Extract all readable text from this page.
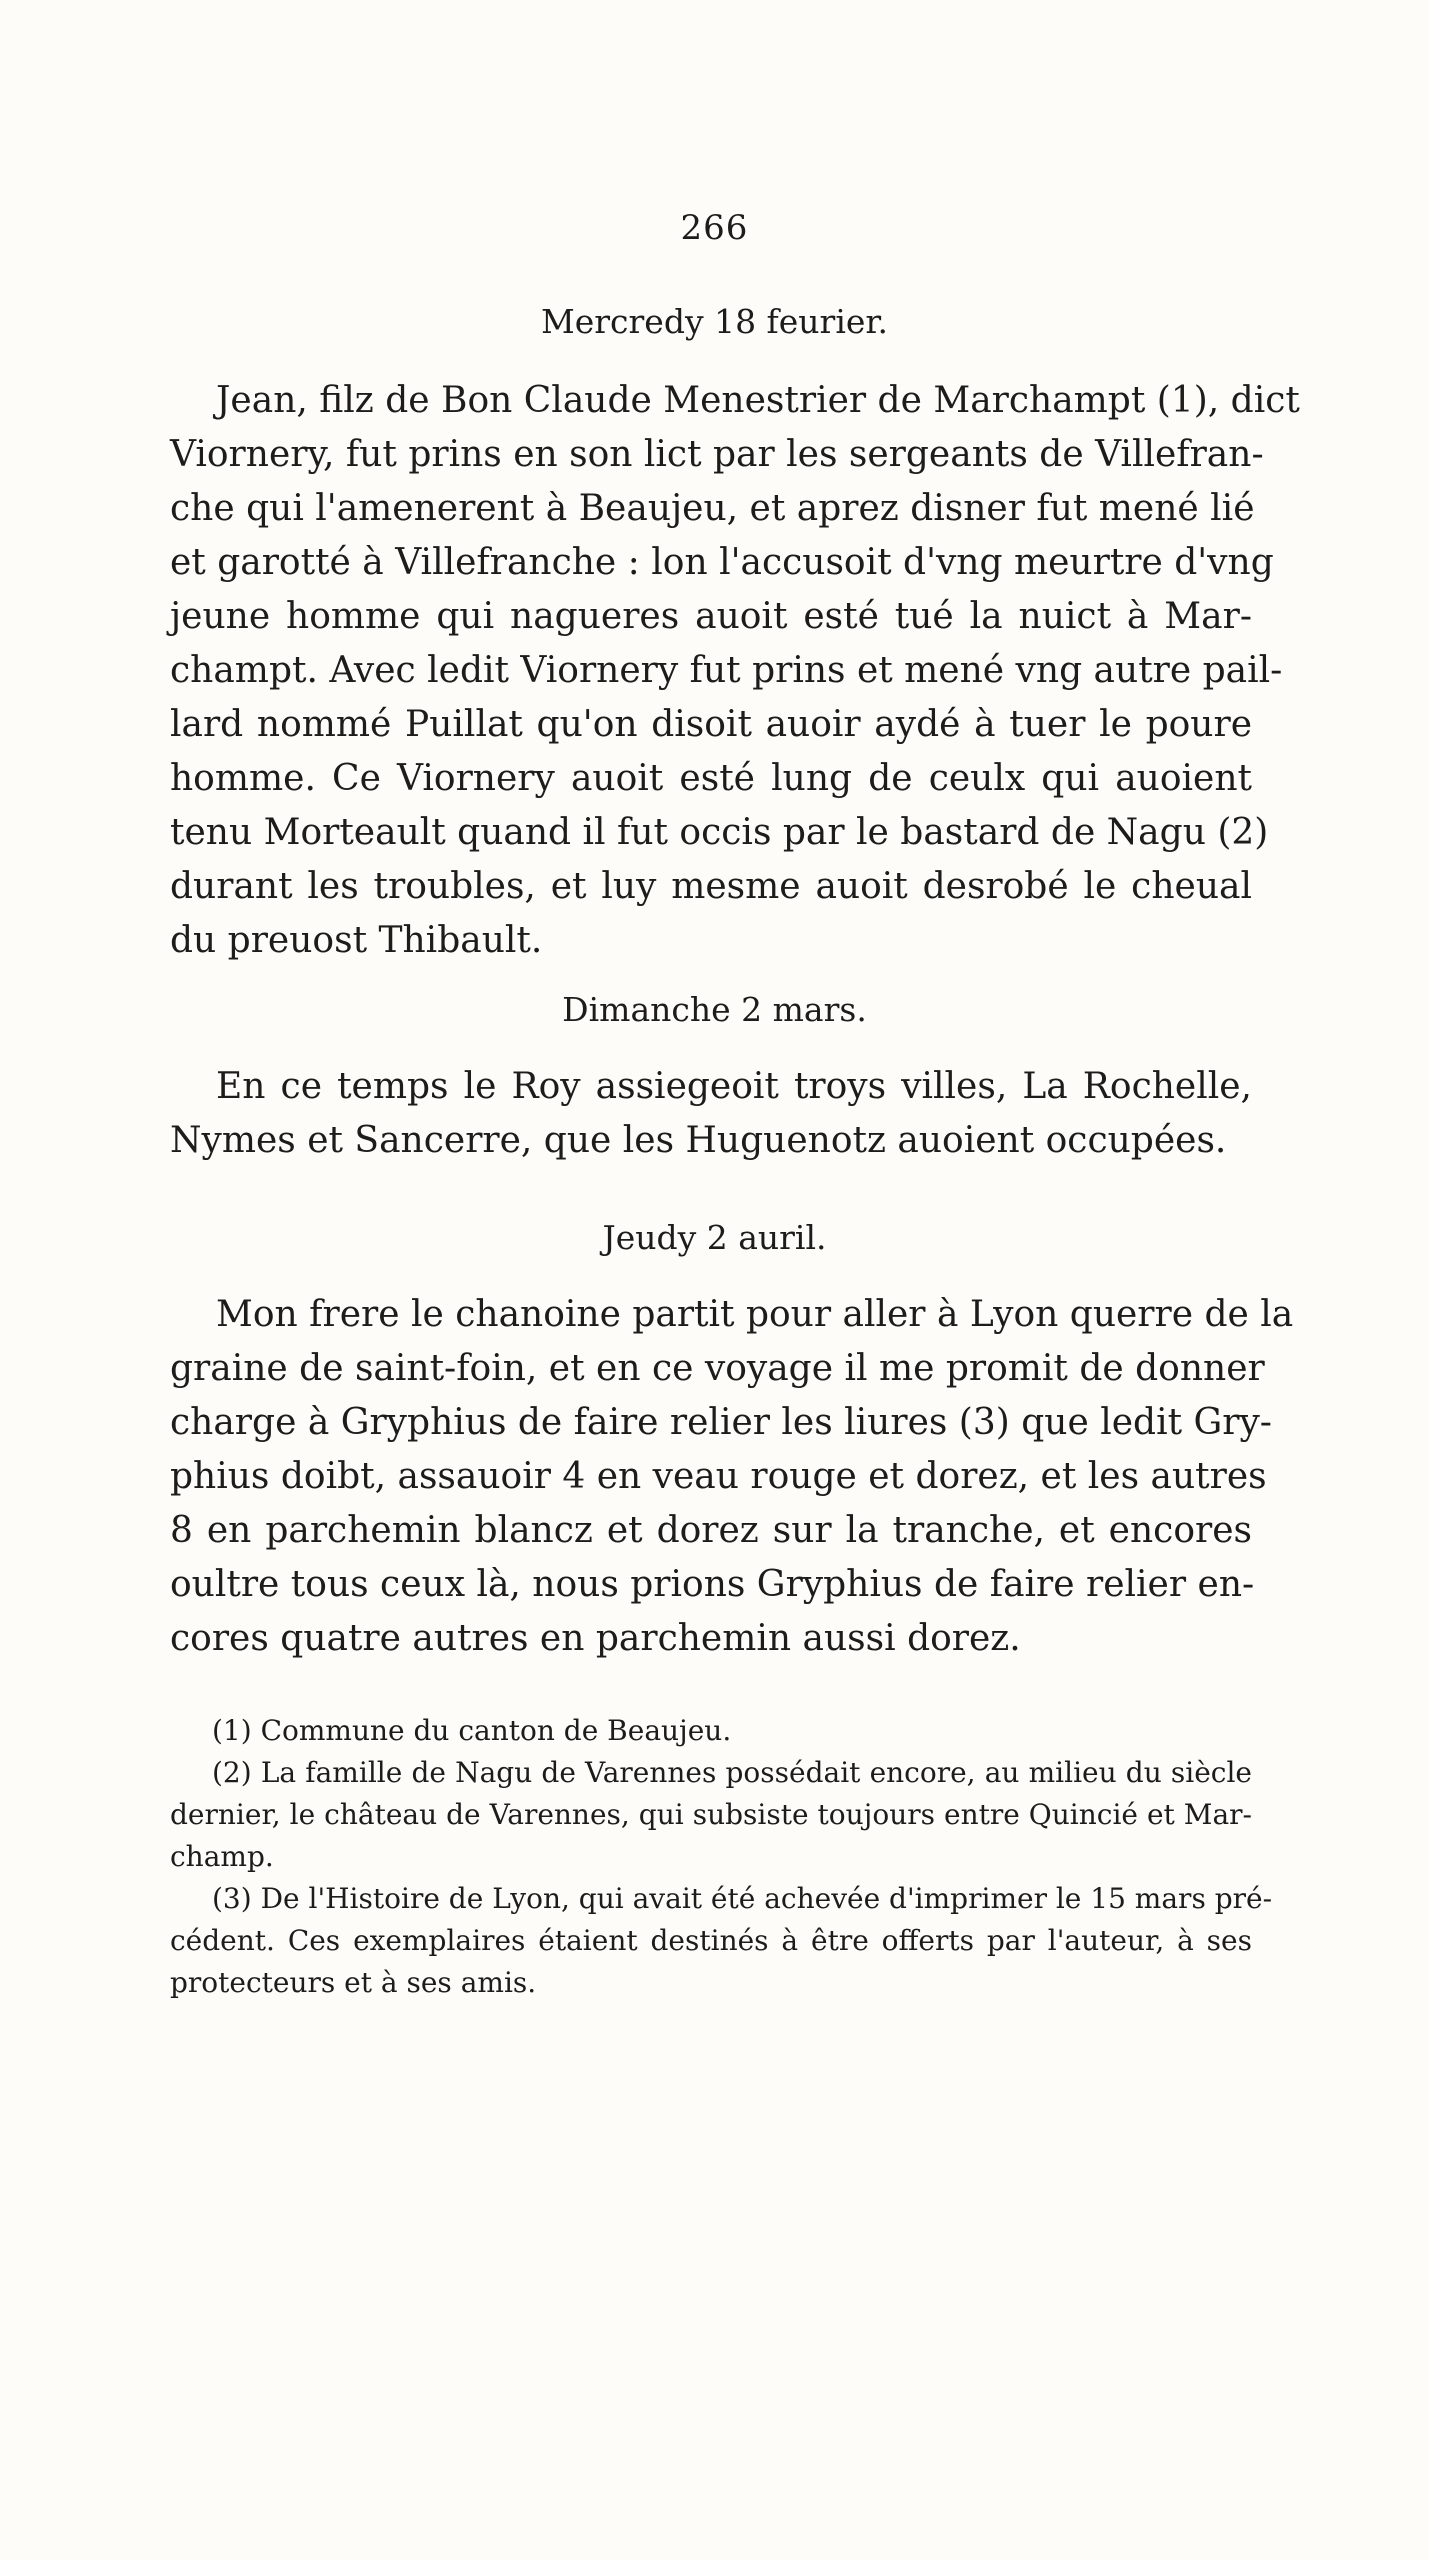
266
Mercredy 18 feurier.
Jean, filz de Bon Claude Menestrier de Marchampt (1), dict
Viornery, fut prins en son lict par les sergeants de Villefran-
che qui l'amenerent à Beaujeu, et aprez disner fut mené lié
et garotté à Villefranche : lon l'accusoit d'vng meurtre d'vng
jeune homme qui nagueres auoit esté tué la nuict à Mar-
champt. Avec ledit Viornery fut prins et mené vng autre pail-
lard nommé Puillat qu'on disoit auoir aydé à tuer le poure
homme. Ce Viornery auoit esté lung de ceulx qui auoient
tenu Morteault quand il fut occis par le bastard de Nagu (2)
durant les troubles, et luy mesme auoit desrobé le cheual
du preuost Thibault.
Dimanche 2 mars.
En ce temps le Roy assiegeoit troys villes, La Rochelle,
Nymes et Sancerre, que les Huguenotz auoient occupées.
Jeudy 2 auril.
Mon frere le chanoine partit pour aller à Lyon querre de la
graine de saint-foin, et en ce voyage il me promit de donner
charge à Gryphius de faire relier les liures (3) que ledit Gry-
phius doibt, assauoir 4 en veau rouge et dorez, et les autres
8 en parchemin blancz et dorez sur la tranche, et encores
oultre tous ceux là, nous prions Gryphius de faire relier en-
cores quatre autres en parchemin aussi dorez.
(1) Commune du canton de Beaujeu.
(2) La famille de Nagu de Varennes possédait encore, au milieu du siècle
dernier, le château de Varennes, qui subsiste toujours entre Quincié et Mar-
champ.
(3) De l'Histoire de Lyon, qui avait été achevée d'imprimer le 15 mars pré-
cédent. Ces exemplaires étaient destinés à être offerts par l'auteur, à ses
protecteurs et à ses amis.
